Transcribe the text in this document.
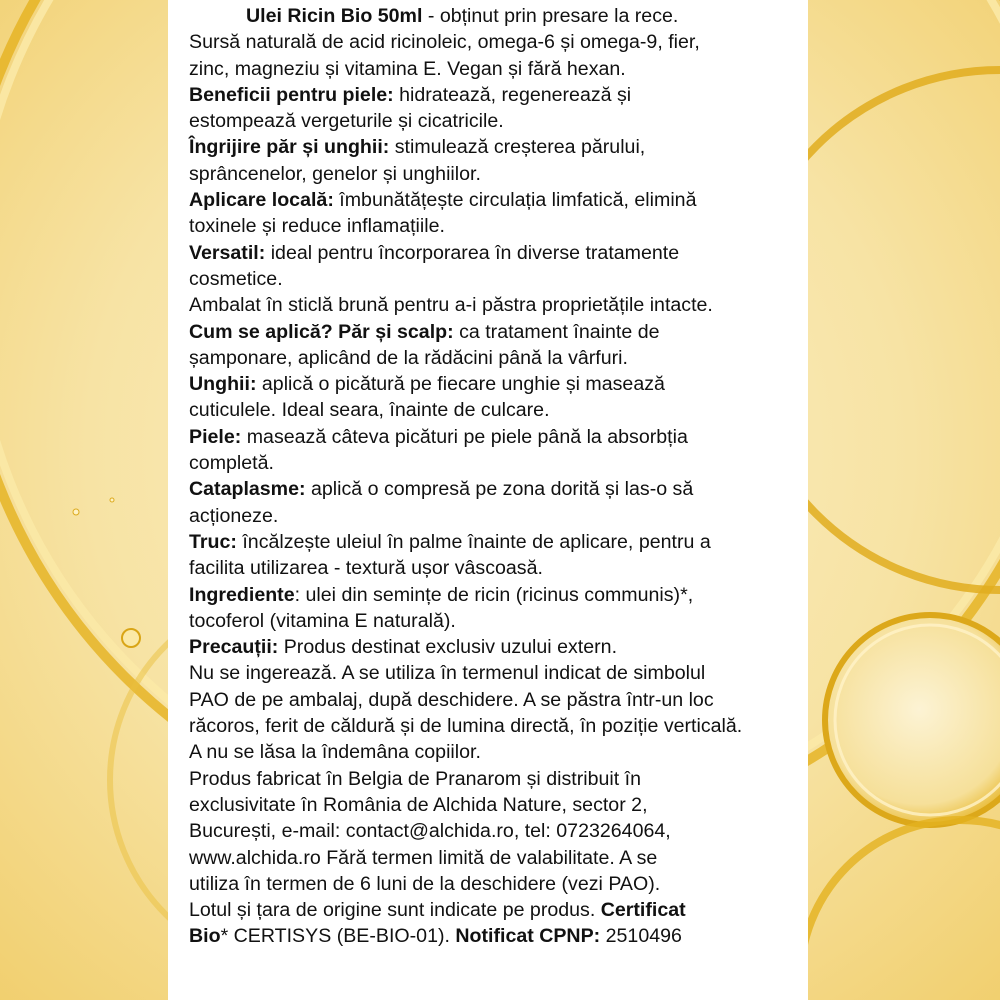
Ulei Ricin Bio 50ml - obținut prin presare la rece.
Sursă naturală de acid ricinoleic, omega-6 și omega-9, fier,
zinc, magneziu și vitamina E. Vegan și fără hexan.
Beneficii pentru piele: hidratează, regenerează și
estompează vergeturile și cicatricile.
Îngrijire păr și unghii: stimulează creșterea părului,
sprâncenelor, genelor și unghiilor.
Aplicare locală: îmbunătățește circulația limfatică, elimină
toxinele și reduce inflamațiile.
Versatil: ideal pentru încorporarea în diverse tratamente
cosmetice.
Ambalat în sticlă brună pentru a-i păstra proprietățile intacte.
Cum se aplică? Păr și scalp: ca tratament înainte de
șamponare, aplicând de la rădăcini până la vârfuri.
Unghii: aplică o picătură pe fiecare unghie și masează
cuticulele. Ideal seara, înainte de culcare.
Piele: masează câteva picături pe piele până la absorbția
completă.
Cataplasme: aplică o compresă pe zona dorită și las-o să
acționeze.
Truc: încălzește uleiul în palme înainte de aplicare, pentru a
facilita utilizarea - textură ușor vâscoasă.
Ingrediente: ulei din semințe de ricin (ricinus communis)*,
tocoferol (vitamina E naturală).
Precauții: Produs destinat exclusiv uzului extern.
Nu se ingerează. A se utiliza în termenul indicat de simbolul
PAO de pe ambalaj, după deschidere. A se păstra într-un loc
răcoros, ferit de căldură și de lumina directă, în poziție verticală.
A nu se lăsa la îndemâna copiilor.
Produs fabricat în Belgia de Pranarom și distribuit în
exclusivitate în România de Alchida Nature, sector 2,
București, e-mail: contact@alchida.ro, tel: 0723264064,
www.alchida.ro Fără termen limită de valabilitate. A se
utiliza în termen de 6 luni de la deschidere (vezi PAO).
Lotul și țara de origine sunt indicate pe produs. Certificat
Bio* CERTISYS (BE-BIO-01). Notificat CPNP: 2510496
